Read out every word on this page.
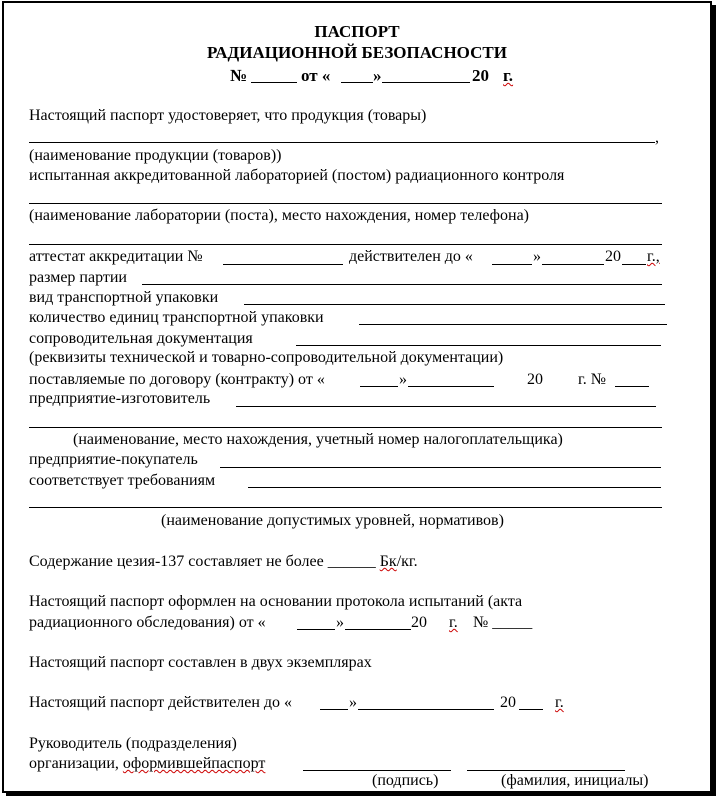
ПАСПОРТ
РАДИАЦИОННОЙ БЕЗОПАСНОСТИ
№	от «	»	20 г.
Настоящий паспорт удостоверяет, что продукция (товары)
,
(наименование продукции (товаров))
испытанная аккредитованной лабораторией (постом) радиационного контроля
(наименование лаборатории (поста), место нахождения, номер телефона)
аттестат аккредитации №	действителен до «	»	20 г.,
размер партии
вид транспортной упаковки
количество единиц транспортной упаковки
сопроводительная документация
(реквизиты технической и товарно-сопроводительной документации)
поставляемые по договору (контракту) от «	»	20 г. №
предприятие-изготовитель
(наименование, место нахождения, учетный номер налогоплательщика)
предприятие-покупатель
соответствует требованиям
(наименование допустимых уровней, нормативов)
Содержание цезия-137 составляет не более ______ Бк/кг.
Настоящий паспорт оформлен на основании протокола испытаний (акта
радиационного обследования) от «	»	20 г. № _____
Настоящий паспорт составлен в двух экземплярах
Настоящий паспорт действителен до «	»	20 г.
Руководитель (подразделения)
организации, оформившейпаспорт
(подпись)	(фамилия, инициалы)
